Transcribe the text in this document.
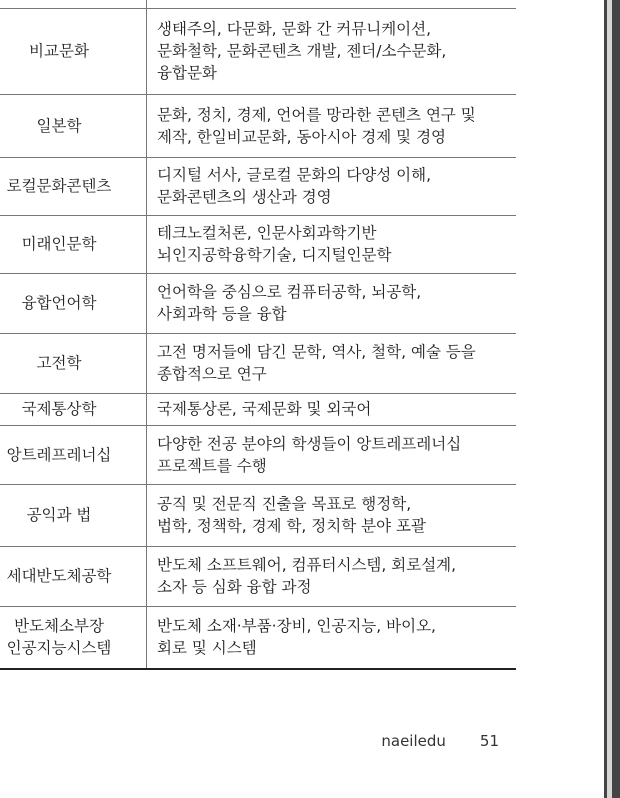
비교문화	생태주의, 다문화, 문화 간 커뮤니케이션,
문화철학, 문화콘텐츠 개발, 젠더/소수문화,
융합문화
일본학	문화, 정치, 경제, 언어를 망라한 콘텐츠 연구 및
제작, 한일비교문화, 동아시아 경제 및 경영
로컬문화콘텐츠	디지털 서사, 글로컬 문화의 다양성 이해,
문화콘텐츠의 생산과 경영
미래인문학	테크노컬처론, 인문사회과학기반
뇌인지공학융학기술, 디지털인문학
융합언어학	언어학을 중심으로 컴퓨터공학, 뇌공학,
사회과학 등을 융합
고전학	고전 명저들에 담긴 문학, 역사, 철학, 예술 등을
종합적으로 연구
국제통상학	국제통상론, 국제문화 및 외국어
앙트레프레너십	다양한 전공 분야의 학생들이 앙트레프레너십
프로젝트를 수행
공익과 법	공직 및 전문직 진출을 목표로 행정학,
법학, 정책학, 경제 학, 정치학 분야 포괄
세대반도체공학	반도체 소프트웨어, 컴퓨터시스템, 회로설계,
소자 등 심화 융합 과정
반도체소부장
인공지능시스템	반도체 소재·부품·장비, 인공지능, 바이오,
회로 및 시스템
naeiledu 51
